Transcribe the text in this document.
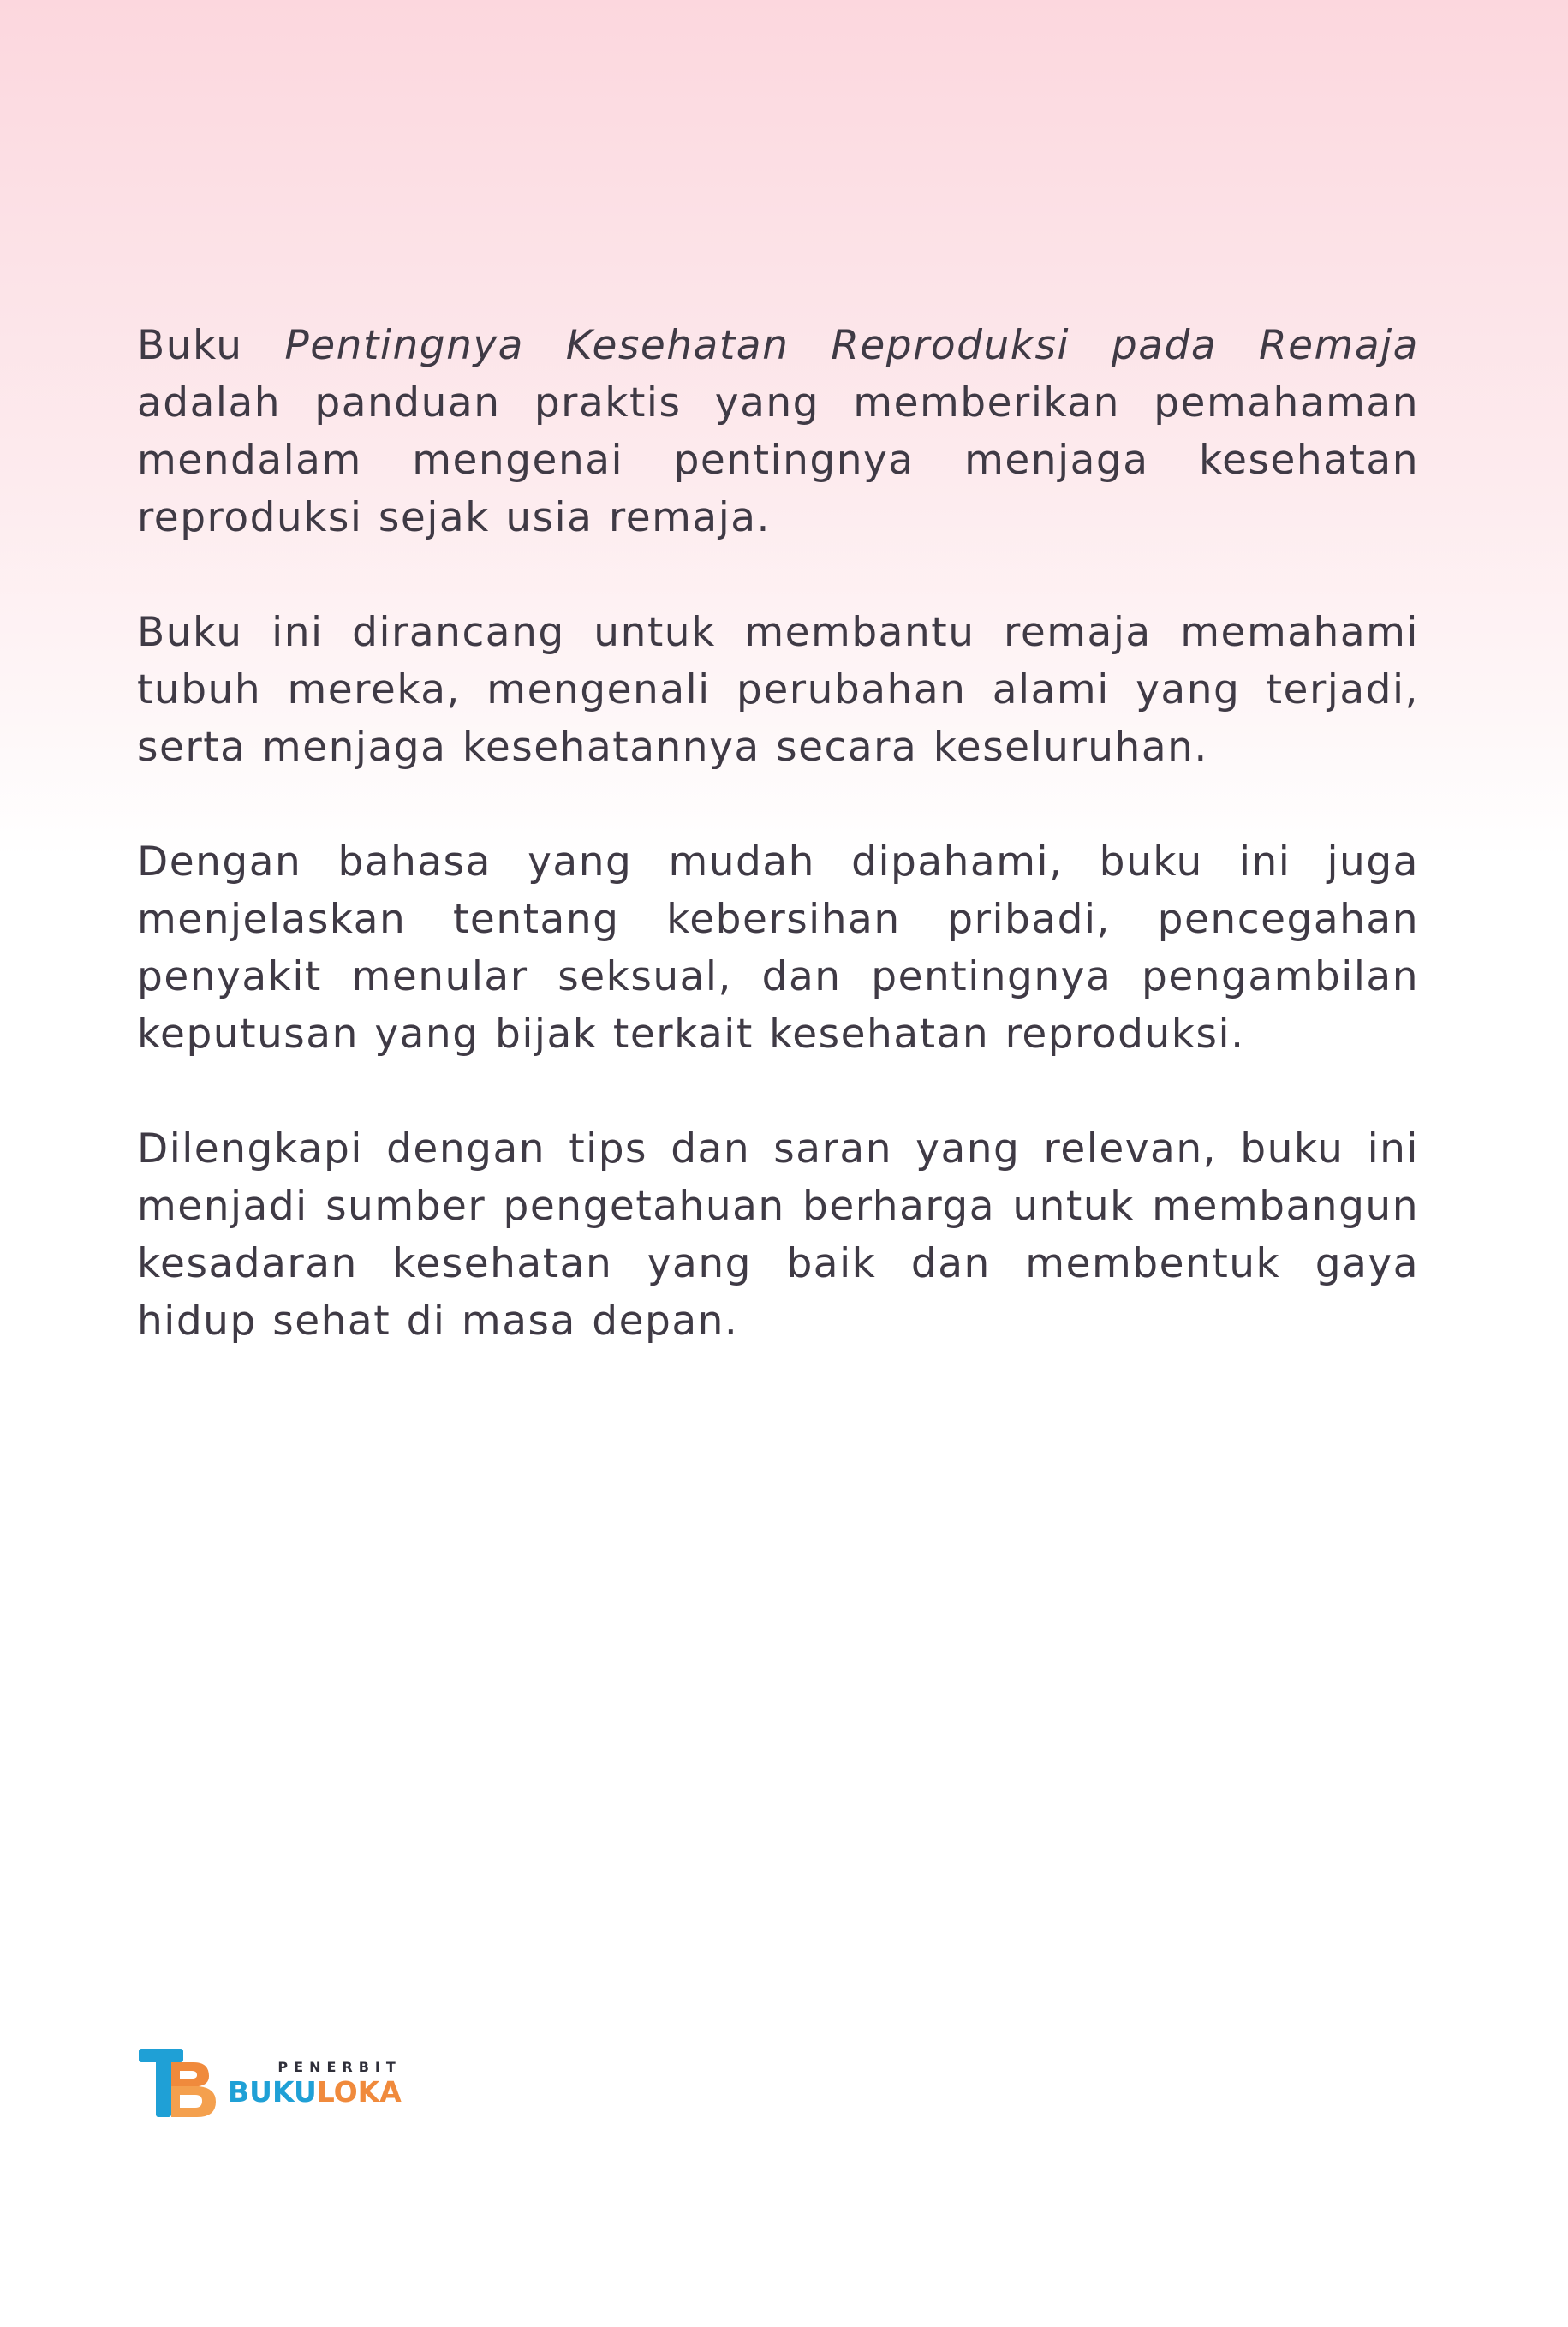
Buku Pentingnya Kesehatan Reproduksi pada Remaja adalah panduan praktis yang memberikan pemahaman mendalam mengenai pentingnya menjaga kesehatan reproduksi sejak usia remaja.

Buku ini dirancang untuk membantu remaja memahami tubuh mereka, mengenali perubahan alami yang terjadi, serta menjaga kesehatannya secara keseluruhan.

Dengan bahasa yang mudah dipahami, buku ini juga menjelaskan tentang kebersihan pribadi, pencegahan penyakit menular seksual, dan pentingnya pengambilan keputusan yang bijak terkait kesehatan reproduksi.

Dilengkapi dengan tips dan saran yang relevan, buku ini menjadi sumber pengetahuan berharga untuk membangun kesadaran kesehatan yang baik dan membentuk gaya hidup sehat di masa depan.

PENERBIT
BUKULOKA
